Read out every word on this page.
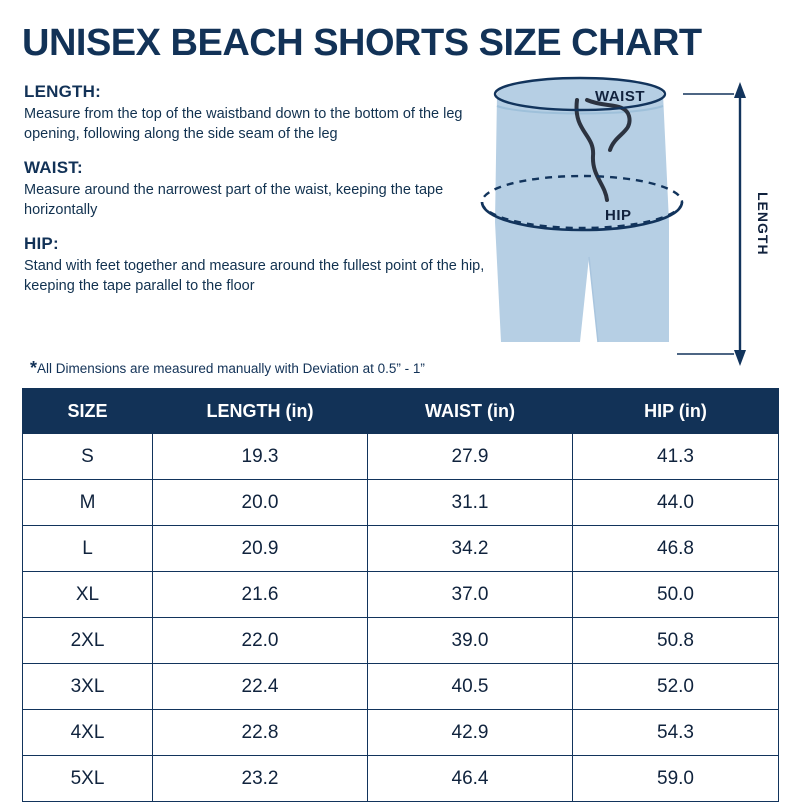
UNISEX BEACH SHORTS SIZE CHART
LENGTH:
Measure from the top of the waistband down to the bottom of the leg opening, following along the side seam of the leg
WAIST:
Measure around the narrowest part of the waist, keeping the tape horizontally
HIP:
Stand with feet together and measure around the fullest point of the hip, keeping the tape parallel to the floor
*All Dimensions are measured manually with Deviation at 0.5” - 1”
WAIST
HIP	LENGTH
SIZE	LENGTH (in)	WAIST (in)	HIP (in)
S	19.3	27.9	41.3
M	20.0	31.1	44.0
L	20.9	34.2	46.8
XL	21.6	37.0	50.0
2XL	22.0	39.0	50.8
3XL	22.4	40.5	52.0
4XL	22.8	42.9	54.3
5XL	23.2	46.4	59.0
